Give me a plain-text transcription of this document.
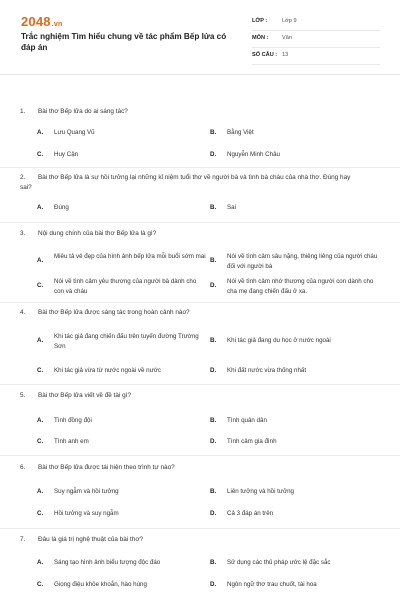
2048.vn
Trắc nghiệm Tìm hiểu chung về tác phẩm Bếp lửa có đáp án
LỚP :	Lớp 9
MÔN : Văn
SỐ CÂU : 13
1. Bài thơ Bếp lửa do ai sáng tác?
A. Lưu Quang Vũ	B. Bằng Việt
C. Huy Cận	D. Nguyễn Minh Châu
2. Bài thơ Bếp lửa là sự hồi tưởng lại những kỉ niệm tuổi thơ về người bà và tình bà cháu của nhà thơ. Đúng hay sai?
A. Đúng	B. Sai
3. Nội dung chính của bài thơ Bếp lửa là gì?
A.
Miêu tả vẻ đẹp của hình ảnh bếp lửa mỗi buổi sớm mai
B.
Nói về tình cảm sâu nặng, thiêng liêng của người cháu đối với người bà
C.
Nói về tình cảm yêu thương của người bà dành cho con và cháu
D.
Nói về tình cảm nhớ thương của người con dành cho cha mẹ đang chiến đấu ở xa.
4. Bài thơ Bếp lửa được sáng tác trong hoàn cảnh nào?
A.
Khi tác giả đang chiến đấu trên tuyến đường Trường Sơn
B. Khi tác giả đang du học ở nước ngoài
C. Khi tác giả vừa từ nước ngoài về nước	D. Khi đất nước vừa thống nhất
5. Bài thơ Bếp lửa viết về đề tài gì?
A. Tình đồng đội	B. Tình quân dân
C. Tình anh em	D. Tình cảm gia đình
6. Bài thơ Bếp lửa được tái hiện theo trình tự nào?
A. Suy ngẫm và hồi tưởng	B. Liên tưởng và hồi tưởng
C. Hồi tưởng và suy ngẫm	D. Cả 3 đáp án trên
7. Đâu là giá trị nghệ thuật của bài thơ?
A. Sáng tạo hình ảnh biểu tượng độc đáo	B. Sử dụng các thủ pháp ước lệ đặc sắc
C. Giọng điệu khỏe khoắn, hào hùng	D. Ngôn ngữ thơ trau chuốt, tài hoa
